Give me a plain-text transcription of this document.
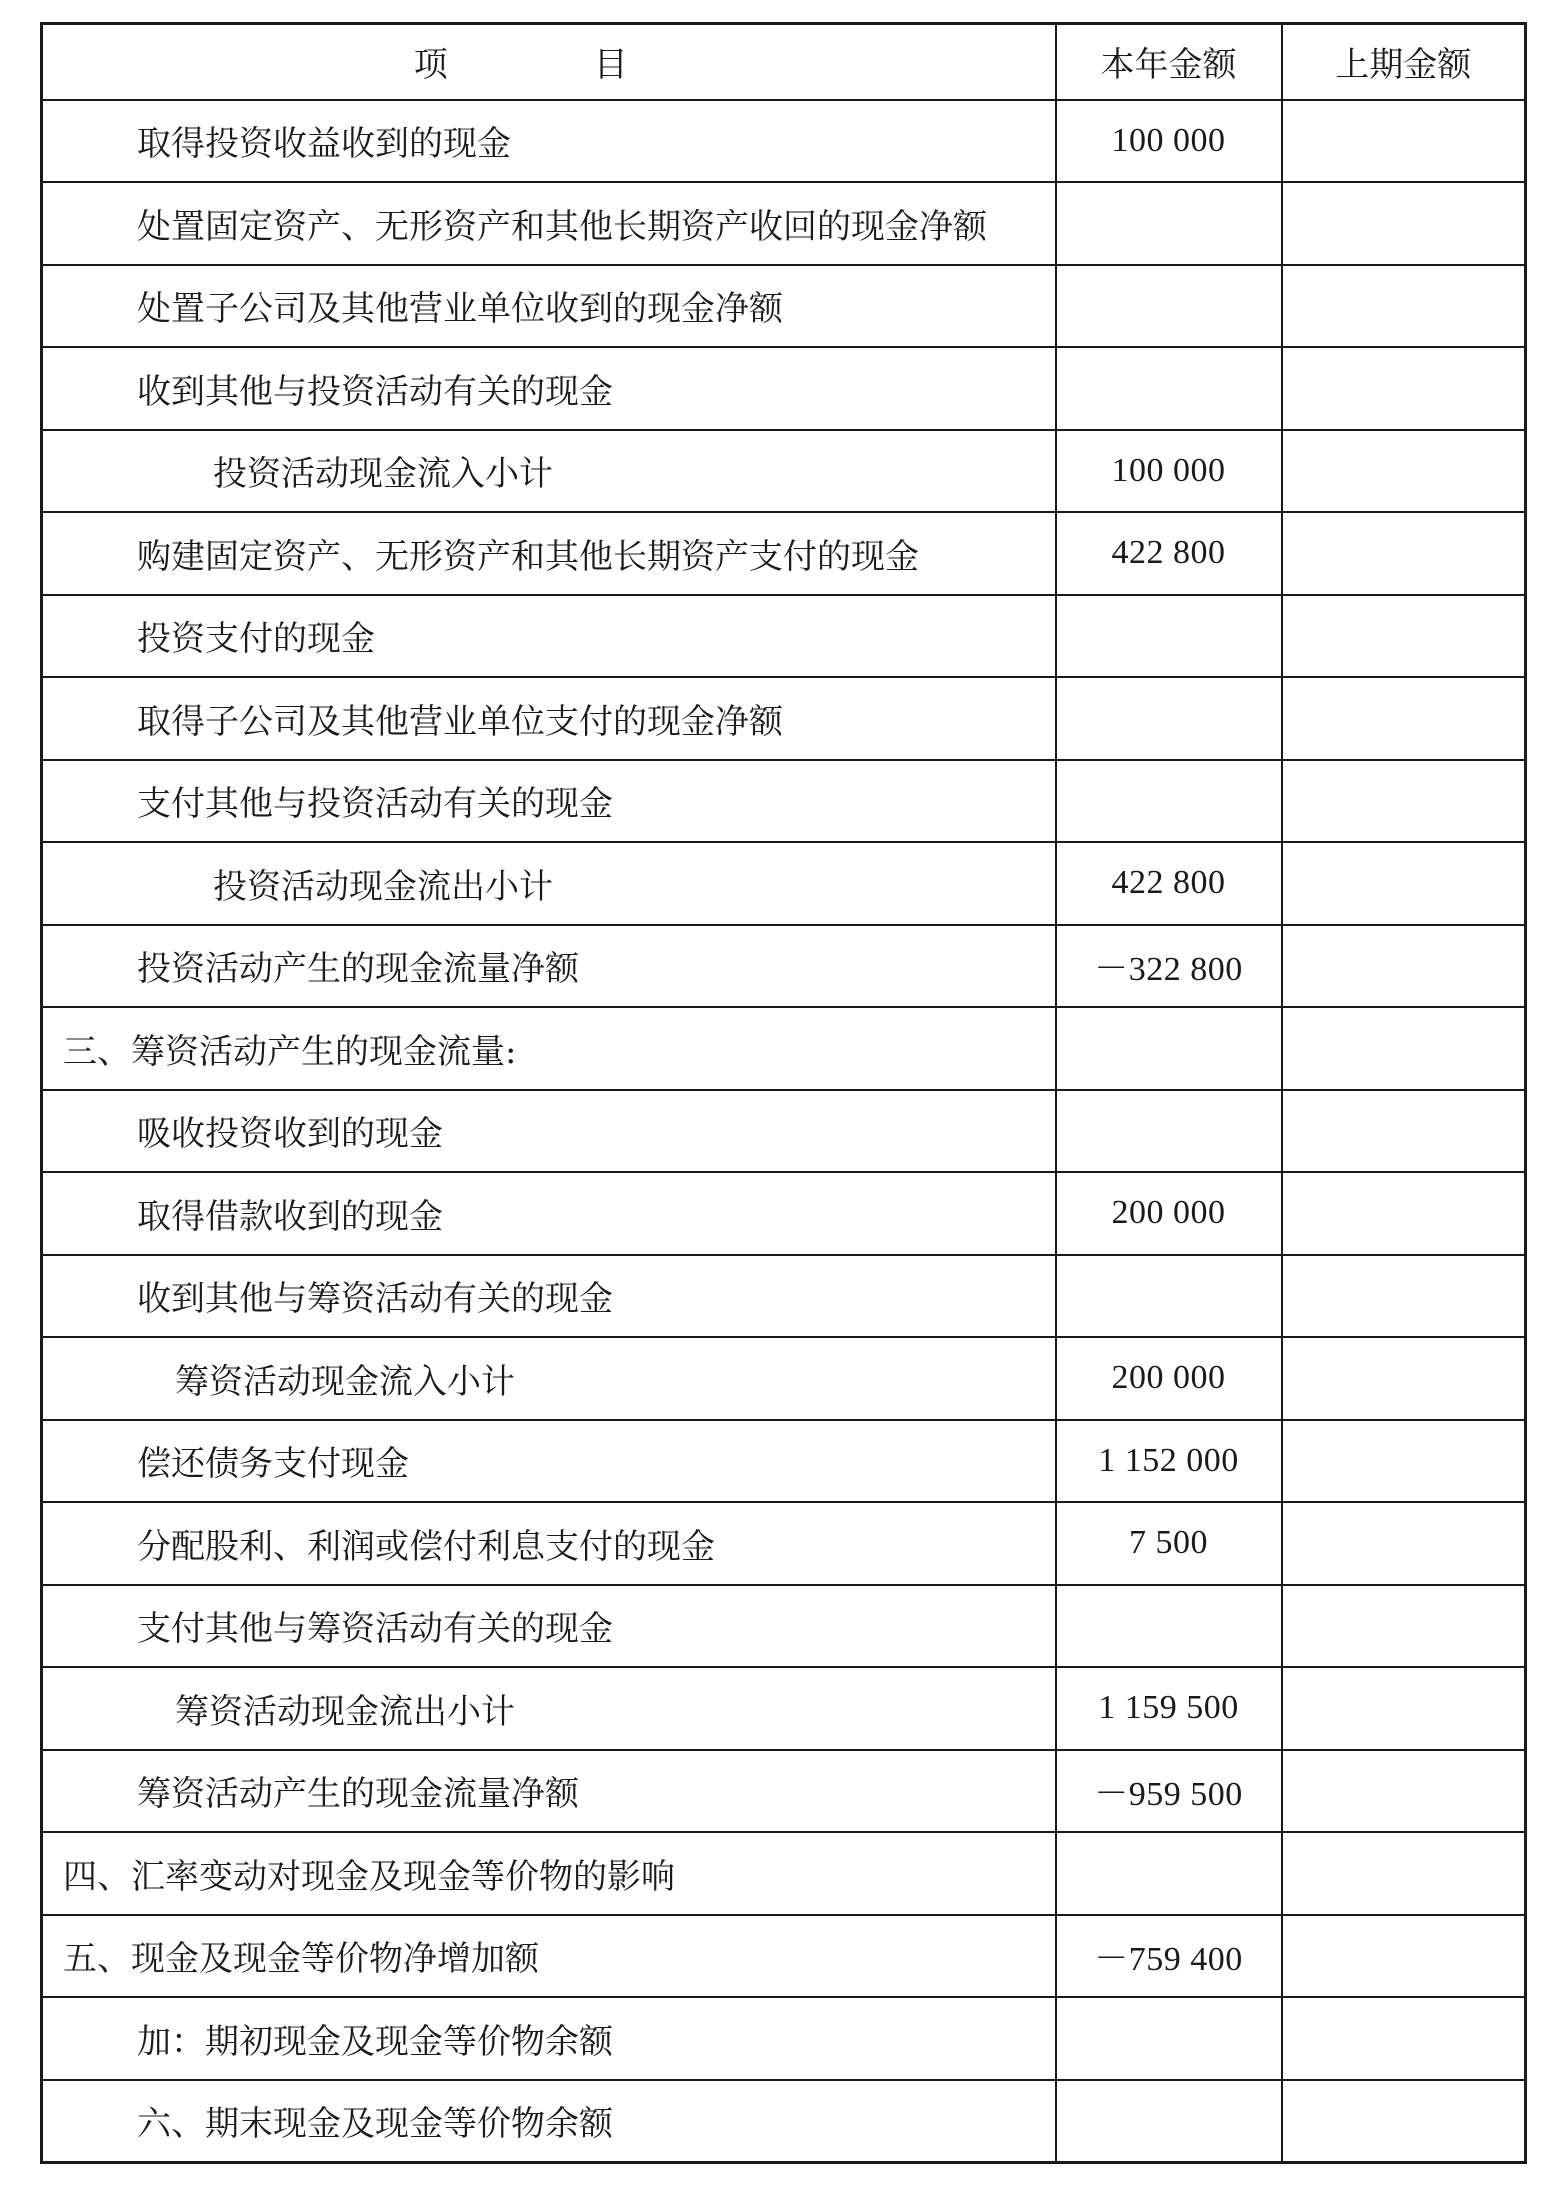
项　目	本年金额	上期金额
取得投资收益收到的现金	100 000	
处置固定资产、无形资产和其他长期资产收回的现金净额		
处置子公司及其他营业单位收到的现金净额		
收到其他与投资活动有关的现金		
投资活动现金流入小计	100 000	
购建固定资产、无形资产和其他长期资产支付的现金	422 800	
投资支付的现金		
取得子公司及其他营业单位支付的现金净额		
支付其他与投资活动有关的现金		
投资活动现金流出小计	422 800	
投资活动产生的现金流量净额	－322 800	
三、筹资活动产生的现金流量:		
吸收投资收到的现金		
取得借款收到的现金	200 000	
收到其他与筹资活动有关的现金		
筹资活动现金流入小计	200 000	
偿还债务支付现金	1 152 000	
分配股利、利润或偿付利息支付的现金	7 500	
支付其他与筹资活动有关的现金		
筹资活动现金流出小计	1 159 500	
筹资活动产生的现金流量净额	－959 500	
四、汇率变动对现金及现金等价物的影响		
五、现金及现金等价物净增加额	－759 400	
加：期初现金及现金等价物余额		
六、期末现金及现金等价物余额		
